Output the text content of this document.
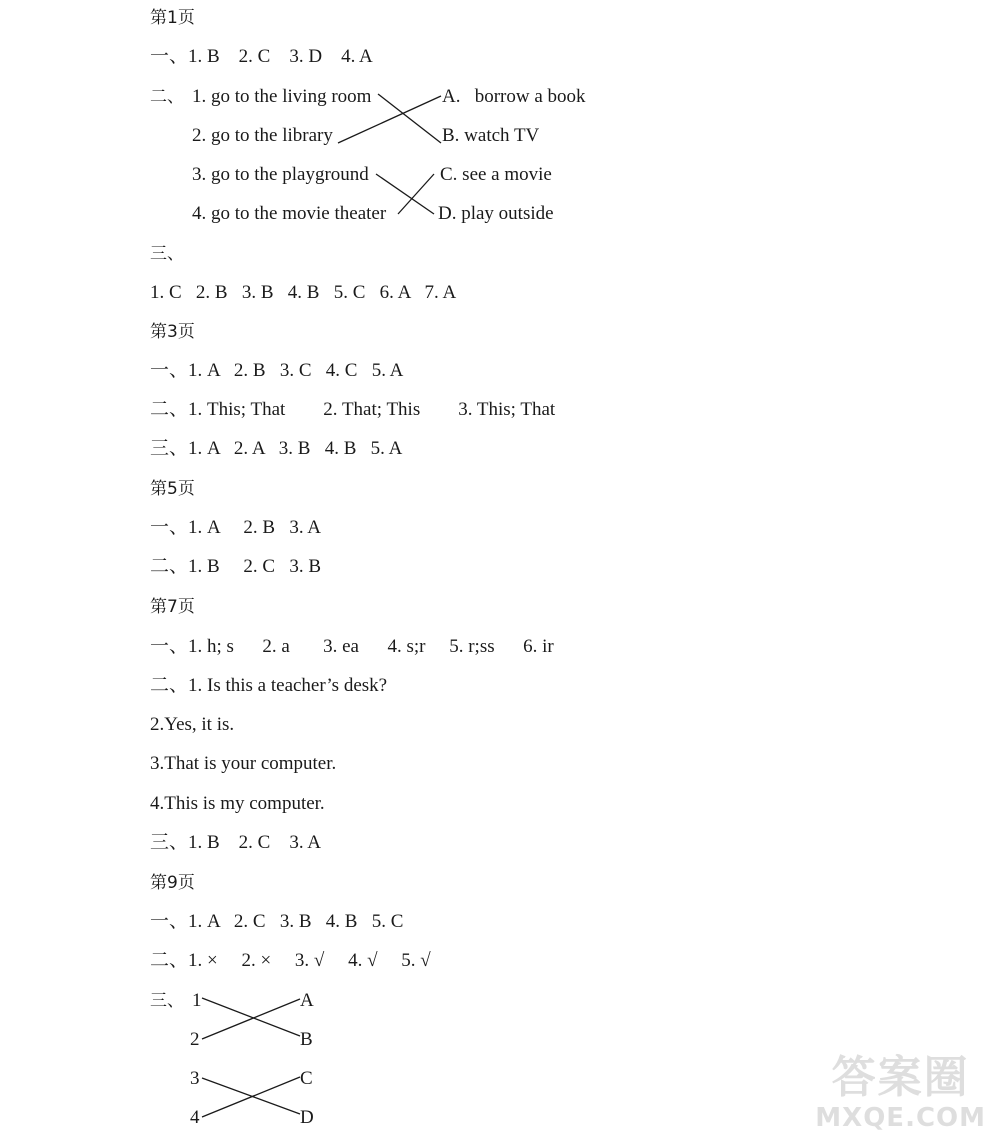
第1页
一、1. B    2. C    3. D    4. A
二、 1. go to the living room
2. go to the library
3. go to the playground
4. go to the movie theater
A.   borrow a book
B. watch TV
C. see a movie
D. play outside
三、
1. C   2. B   3. B   4. B   5. C   6. A   7. A
第3页
一、1. A   2. B   3. C   4. C   5. A
二、1. This; That        2. That; This        3. This; That
三、1. A   2. A   3. B   4. B   5. A
第5页
一、1. A     2. B   3. A
二、1. B     2. C   3. B
第7页
一、1. h; s      2. a       3. ea      4. s;r     5. r;ss      6. ir
二、1. Is this a teacher’s desk?
2.Yes, it is.
3.That is your computer.
4.This is my computer.
三、1. B    2. C    3. A
第9页
一、1. A   2. C   3. B   4. B   5. C
二、1. ×     2. ×     3. √     4. √     5. √
三、 1
2
3
4
A
B
C
D
答案圈
MXQE.COM
